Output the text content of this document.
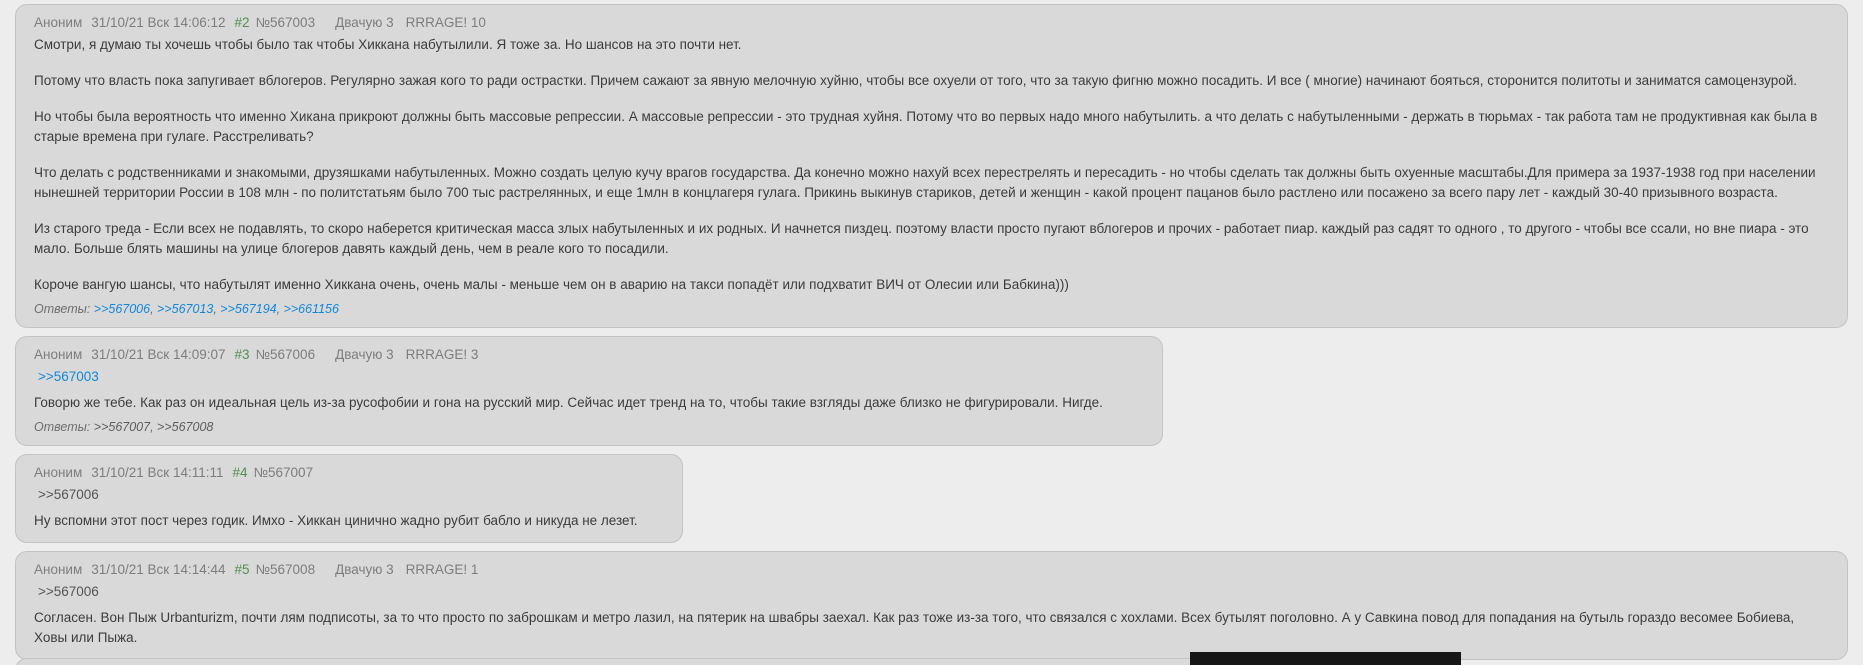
Аноним 31/10/21 Вск 14:06:12 #2 №567003 Двачую 3 RRRAGE! 10

Смотри, я думаю ты хочешь чтобы было так чтобы Хиккана набутылили. Я тоже за. Но шансов на это почти нет.

Потому что власть пока запугивает вблогеров. Регулярно зажая кого то ради острастки. Причем сажают за явную мелочную хуйню, чтобы все охуели от того, что за такую фигню можно посадить. И все ( многие) начинают бояться, сторонится политоты и заниматся самоцензурой.

Но чтобы была вероятность что именно Хикана прикроют должны быть массовые репрессии. А массовые репрессии - это трудная хуйня. Потому что во первых надо много набутылить. а что делать с набутыленными - держать в тюрьмах - так работа там не продуктивная как была в старые времена при гулаге. Расстреливать?

Что делать с родственниками и знакомыми, друзяшками набутыленных. Можно создать целую кучу врагов государства. Да конечно можно нахуй всех перестрелять и пересадить - но чтобы сделать так должны быть охуенные масштабы.Для примера за 1937-1938 год при населении нынешней территории России в 108 млн - по политстатьям было 700 тыс растрелянных, и еще 1млн в концлагеря гулага. Прикинь выкинув стариков, детей и женщин - какой процент пацанов было растлено или посажено за всего пару лет - каждый 30-40 призывного возраста.

Из старого треда - Если всех не подавлять, то скоро наберется критическая масса злых набутыленных и их родных. И начнется пиздец. поэтому власти просто пугают вблогеров и прочих - работает пиар. каждый раз садят то одного , то другого - чтобы все ссали, но вне пиара - это мало. Больше блять машины на улице блогеров давять каждый день, чем в реале кого то посадили.

Короче вангую шансы, что набутылят именно Хиккана очень, очень малы - меньше чем он в аварию на такси попадёт или подхватит ВИЧ от Олесии или Бабкина)))

Ответы: >>567006 , >>567013 , >>567194 , >>661156
Аноним 31/10/21 Вск 14:09:07 #3 №567006 Двачую 3 RRRAGE! 3
>>567003

Говорю же тебе. Как раз он идеальная цель из-за русофобии и гона на русский мир. Сейчас идет тренд на то, чтобы такие взгляды даже близко не фигурировали. Нигде.

Ответы: >>567007 , >>567008
Аноним 31/10/21 Вск 14:11:11 #4 №567007
>>567006

Ну вспомни этот пост через годик. Имхо - Хиккан цинично жадно рубит бабло и никуда не лезет.

Аноним 31/10/21 Вск 14:14:44 #5 №567008 Двачую 3 RRRAGE! 1
>>567006

Согласен. Вон Пыж Urbanturizm, почти лям подписоты, за то что просто по заброшкам и метро лазил, на пятерик на швабры заехал. Как раз тоже из-за того, что связался с хохлами. Всех бутылят поголовно. А у Савкина повод для попадания на бутыль гораздо весомее Бобиева, Ховы или Пыжа.
